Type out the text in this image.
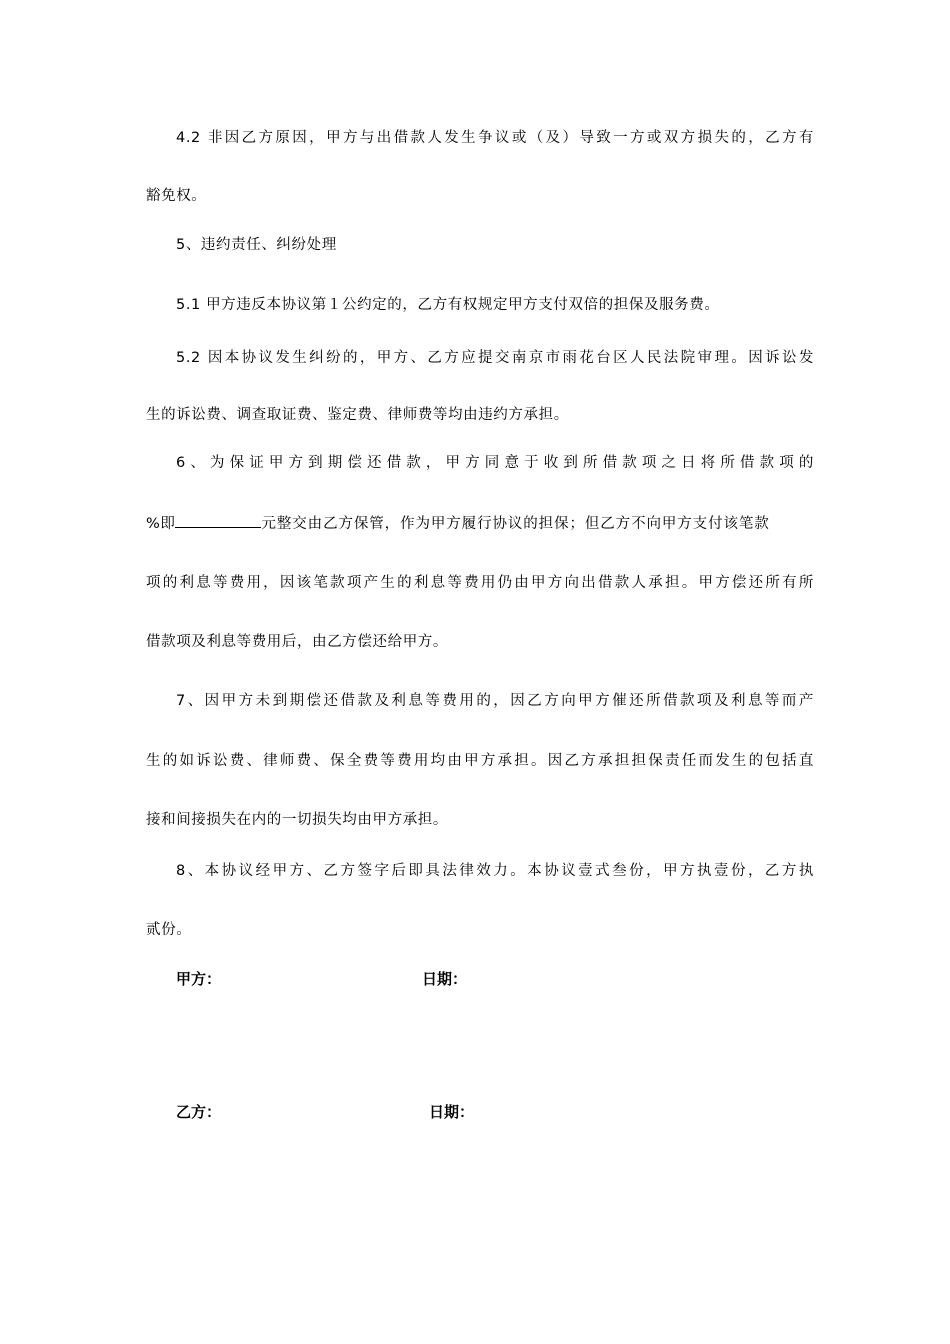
4.2 非因乙方原因，甲方与出借款人发生争议或（及）导致一方或双方损失的，乙方有
豁免权。
5、违约责任、纠纷处理
5.1 甲方违反本协议第１公约定的，乙方有权规定甲方支付双倍的担保及服务费。
5.2 因本协议发生纠纷的，甲方、乙方应提交南京市雨花台区人民法院审理。因诉讼发
生的诉讼费、调查取证费、鉴定费、律师费等均由违约方承担。
6、为保证甲方到期偿还借款，甲方同意于收到所借款项之日将所借款项的
%即	元整交由乙方保管，作为甲方履行协议的担保；但乙方不向甲方支付该笔款
项的利息等费用，因该笔款项产生的利息等费用仍由甲方向出借款人承担。甲方偿还所有所
借款项及利息等费用后，由乙方偿还给甲方。
7、因甲方未到期偿还借款及利息等费用的，因乙方向甲方催还所借款项及利息等而产
生的如诉讼费、律师费、保全费等费用均由甲方承担。因乙方承担担保责任而发生的包括直
接和间接损失在内的一切损失均由甲方承担。
8、本协议经甲方、乙方签字后即具法律效力。本协议壹式叁份，甲方执壹份，乙方执
贰份。
甲方：	日期：
乙方：	日期：
